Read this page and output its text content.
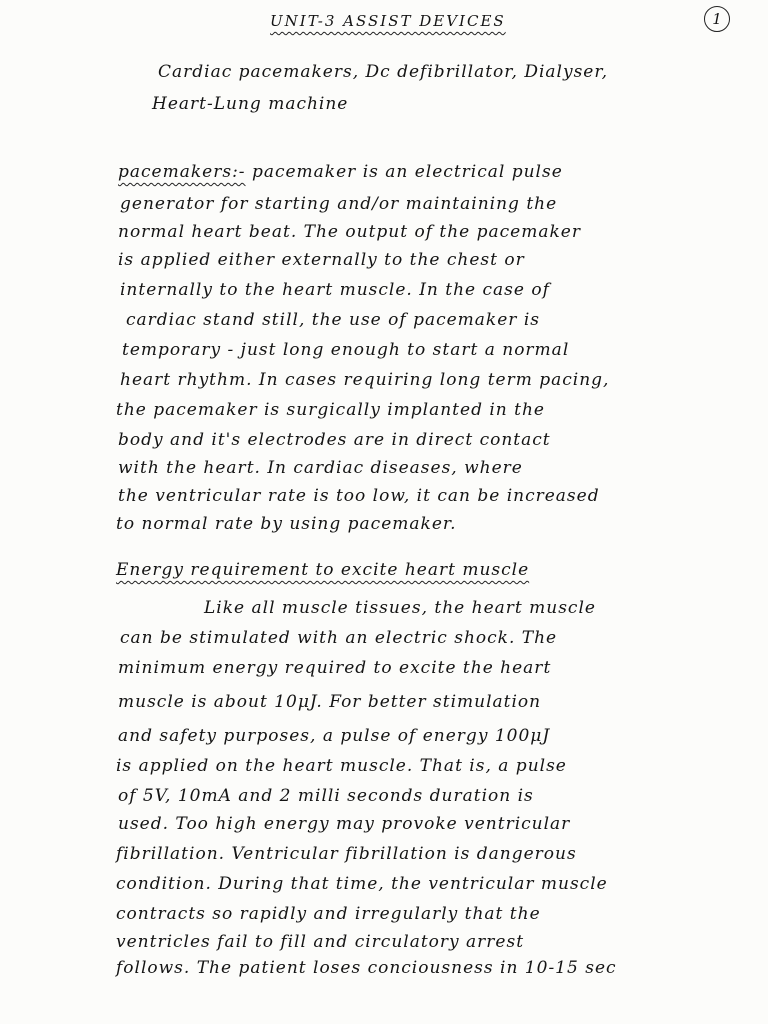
UNIT-3 ASSIST DEVICES	1
Cardiac pacemakers, Dc defibrillator, Dialyser,
Heart-Lung machine
pacemakers:- pacemaker is an electrical pulse
generator for starting and/or maintaining the
normal heart beat. The output of the pacemaker
is applied either externally to the chest or
internally to the heart muscle. In the case of
cardiac stand still, the use of pacemaker is
temporary - just long enough to start a normal
heart rhythm. In cases requiring long term pacing,
the pacemaker is surgically implanted in the
body and it's electrodes are in direct contact
with the heart. In cardiac diseases, where
the ventricular rate is too low, it can be increased
to normal rate by using pacemaker.
Energy requirement to excite heart muscle
Like all muscle tissues, the heart muscle
can be stimulated with an electric shock. The
minimum energy required to excite the heart
muscle is about 10μJ. For better stimulation
and safety purposes, a pulse of energy 100μJ
is applied on the heart muscle. That is, a pulse
of 5V, 10mA and 2 milli seconds duration is
used. Too high energy may provoke ventricular
fibrillation. Ventricular fibrillation is dangerous
condition. During that time, the ventricular muscle
contracts so rapidly and irregularly that the
ventricles fail to fill and circulatory arrest
follows. The patient loses conciousness in 10-15 sec
